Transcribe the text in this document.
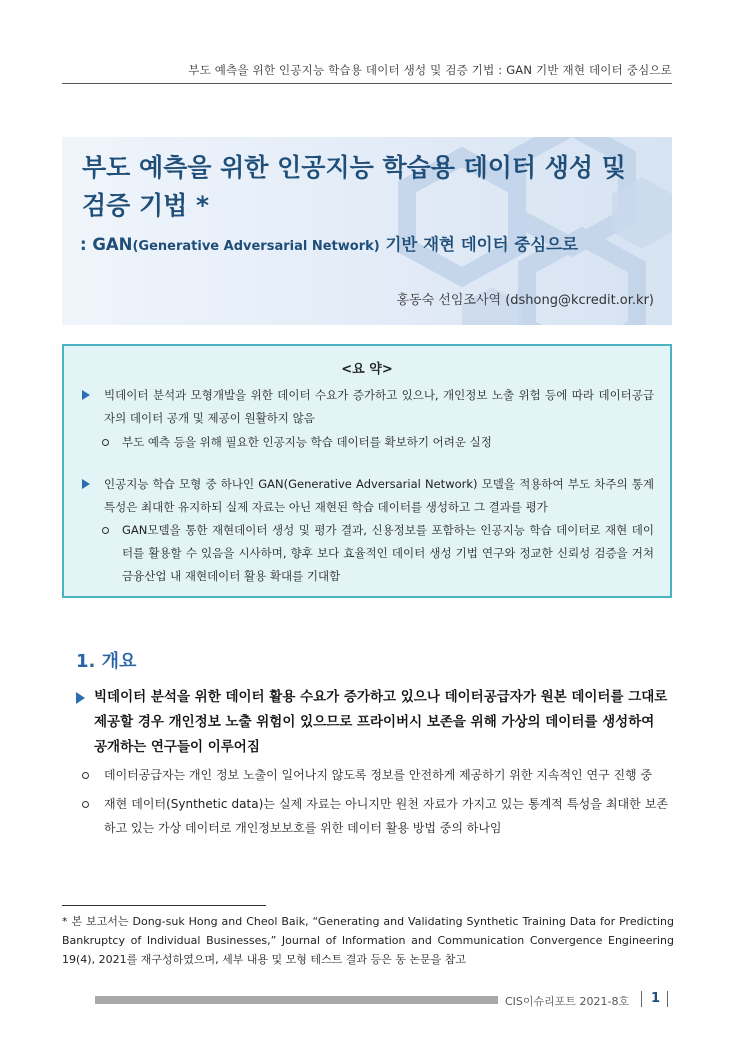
부도 예측을 위한 인공지능 학습용 데이터 생성 및 검증 기법 : GAN 기반 재현 데이터 중심으로
부도 예측을 위한 인공지능 학습용 데이터 생성 및
검증 기법 *
: GAN(Generative Adversarial Network) 기반 재현 데이터 중심으로
홍동숙 선임조사역 (dshong@kcredit.or.kr)
<요 약>
빅데이터 분석과 모형개발을 위한 데이터 수요가 증가하고 있으나, 개인정보 노출 위험 등에 따라 데이터공급자의 데이터 공개 및 제공이 원활하지 않음
부도 예측 등을 위해 필요한 인공지능 학습 데이터를 확보하기 어려운 실정
인공지능 학습 모형 중 하나인 GAN(Generative Adversarial Network) 모델을 적용하여 부도 차주의 통계 특성은 최대한 유지하되 실제 자료는 아닌 재현된 학습 데이터를 생성하고 그 결과를 평가
GAN모델을 통한 재현데이터 생성 및 평가 결과, 신용정보를 포함하는 인공지능 학습 데이터로 재현 데이터를 활용할 수 있음을 시사하며, 향후 보다 효율적인 데이터 생성 기법 연구와 정교한 신뢰성 검증을 거쳐 금융산업 내 재현데이터 활용 확대를 기대함
1. 개요
빅데이터 분석을 위한 데이터 활용 수요가 증가하고 있으나 데이터공급자가 원본 데이터를 그대로 제공할 경우 개인정보 노출 위험이 있으므로 프라이버시 보존을 위해 가상의 데이터를 생성하여 공개하는 연구들이 이루어짐
데이터공급자는 개인 정보 노출이 일어나지 않도록 정보를 안전하게 제공하기 위한 지속적인 연구 진행 중
재현 데이터(Synthetic data)는 실제 자료는 아니지만 원천 자료가 가지고 있는 통계적 특성을 최대한 보존하고 있는 가상 데이터로 개인정보보호를 위한 데이터 활용 방법 중의 하나임
* 본 보고서는 Dong-suk Hong and Cheol Baik, “Generating and Validating Synthetic Training Data for Predicting Bankruptcy of Individual Businesses,” Journal of Information and Communication Convergence Engineering 19(4), 2021를 재구성하였으며, 세부 내용 및 모형 테스트 결과 등은 동 논문을 참고
CIS이슈리포트 2021-8호 1
